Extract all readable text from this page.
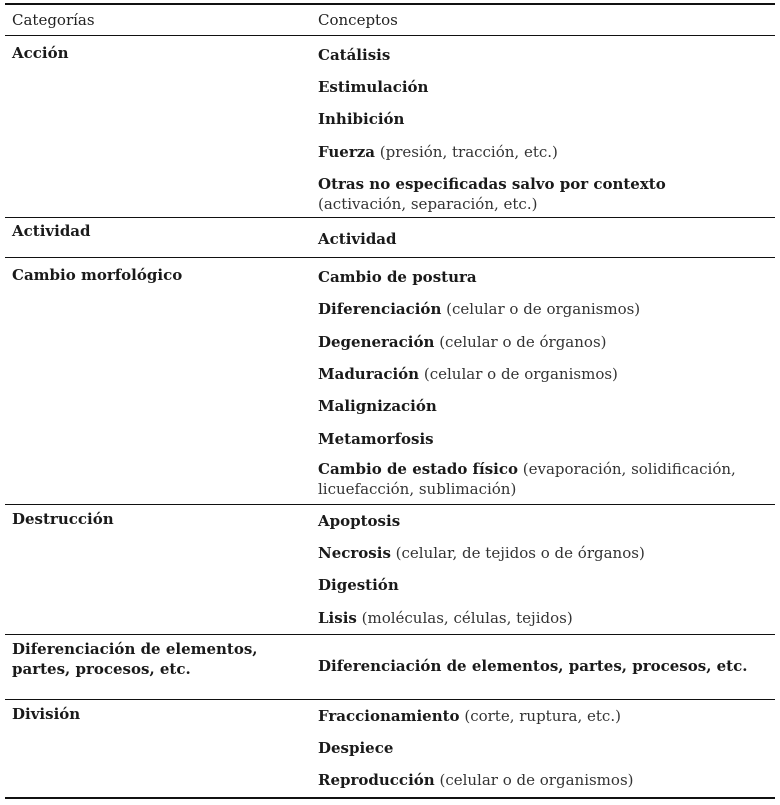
Categorías	Conceptos
Acción	Catálisis
Estimulación
Inhibición
Fuerza (presión, tracción, etc.)
Otras no especificadas salvo por contexto (activación, separación, etc.)
Actividad	Actividad
Cambio morfológico	Cambio de postura
Diferenciación (celular o de organismos)
Degeneración (celular o de órganos)
Maduración (celular o de organismos)
Malignización
Metamorfosis
Cambio de estado físico (evaporación, solidificación, licuefacción, sublimación)
Destrucción	Apoptosis
Necrosis (celular, de tejidos o de órganos)
Digestión
Lisis (moléculas, células, tejidos)
Diferenciación de elementos, partes, procesos, etc.	Diferenciación de elementos, partes, procesos, etc.
División	Fraccionamiento (corte, ruptura, etc.)
Despiece
Reproducción (celular o de organismos)
